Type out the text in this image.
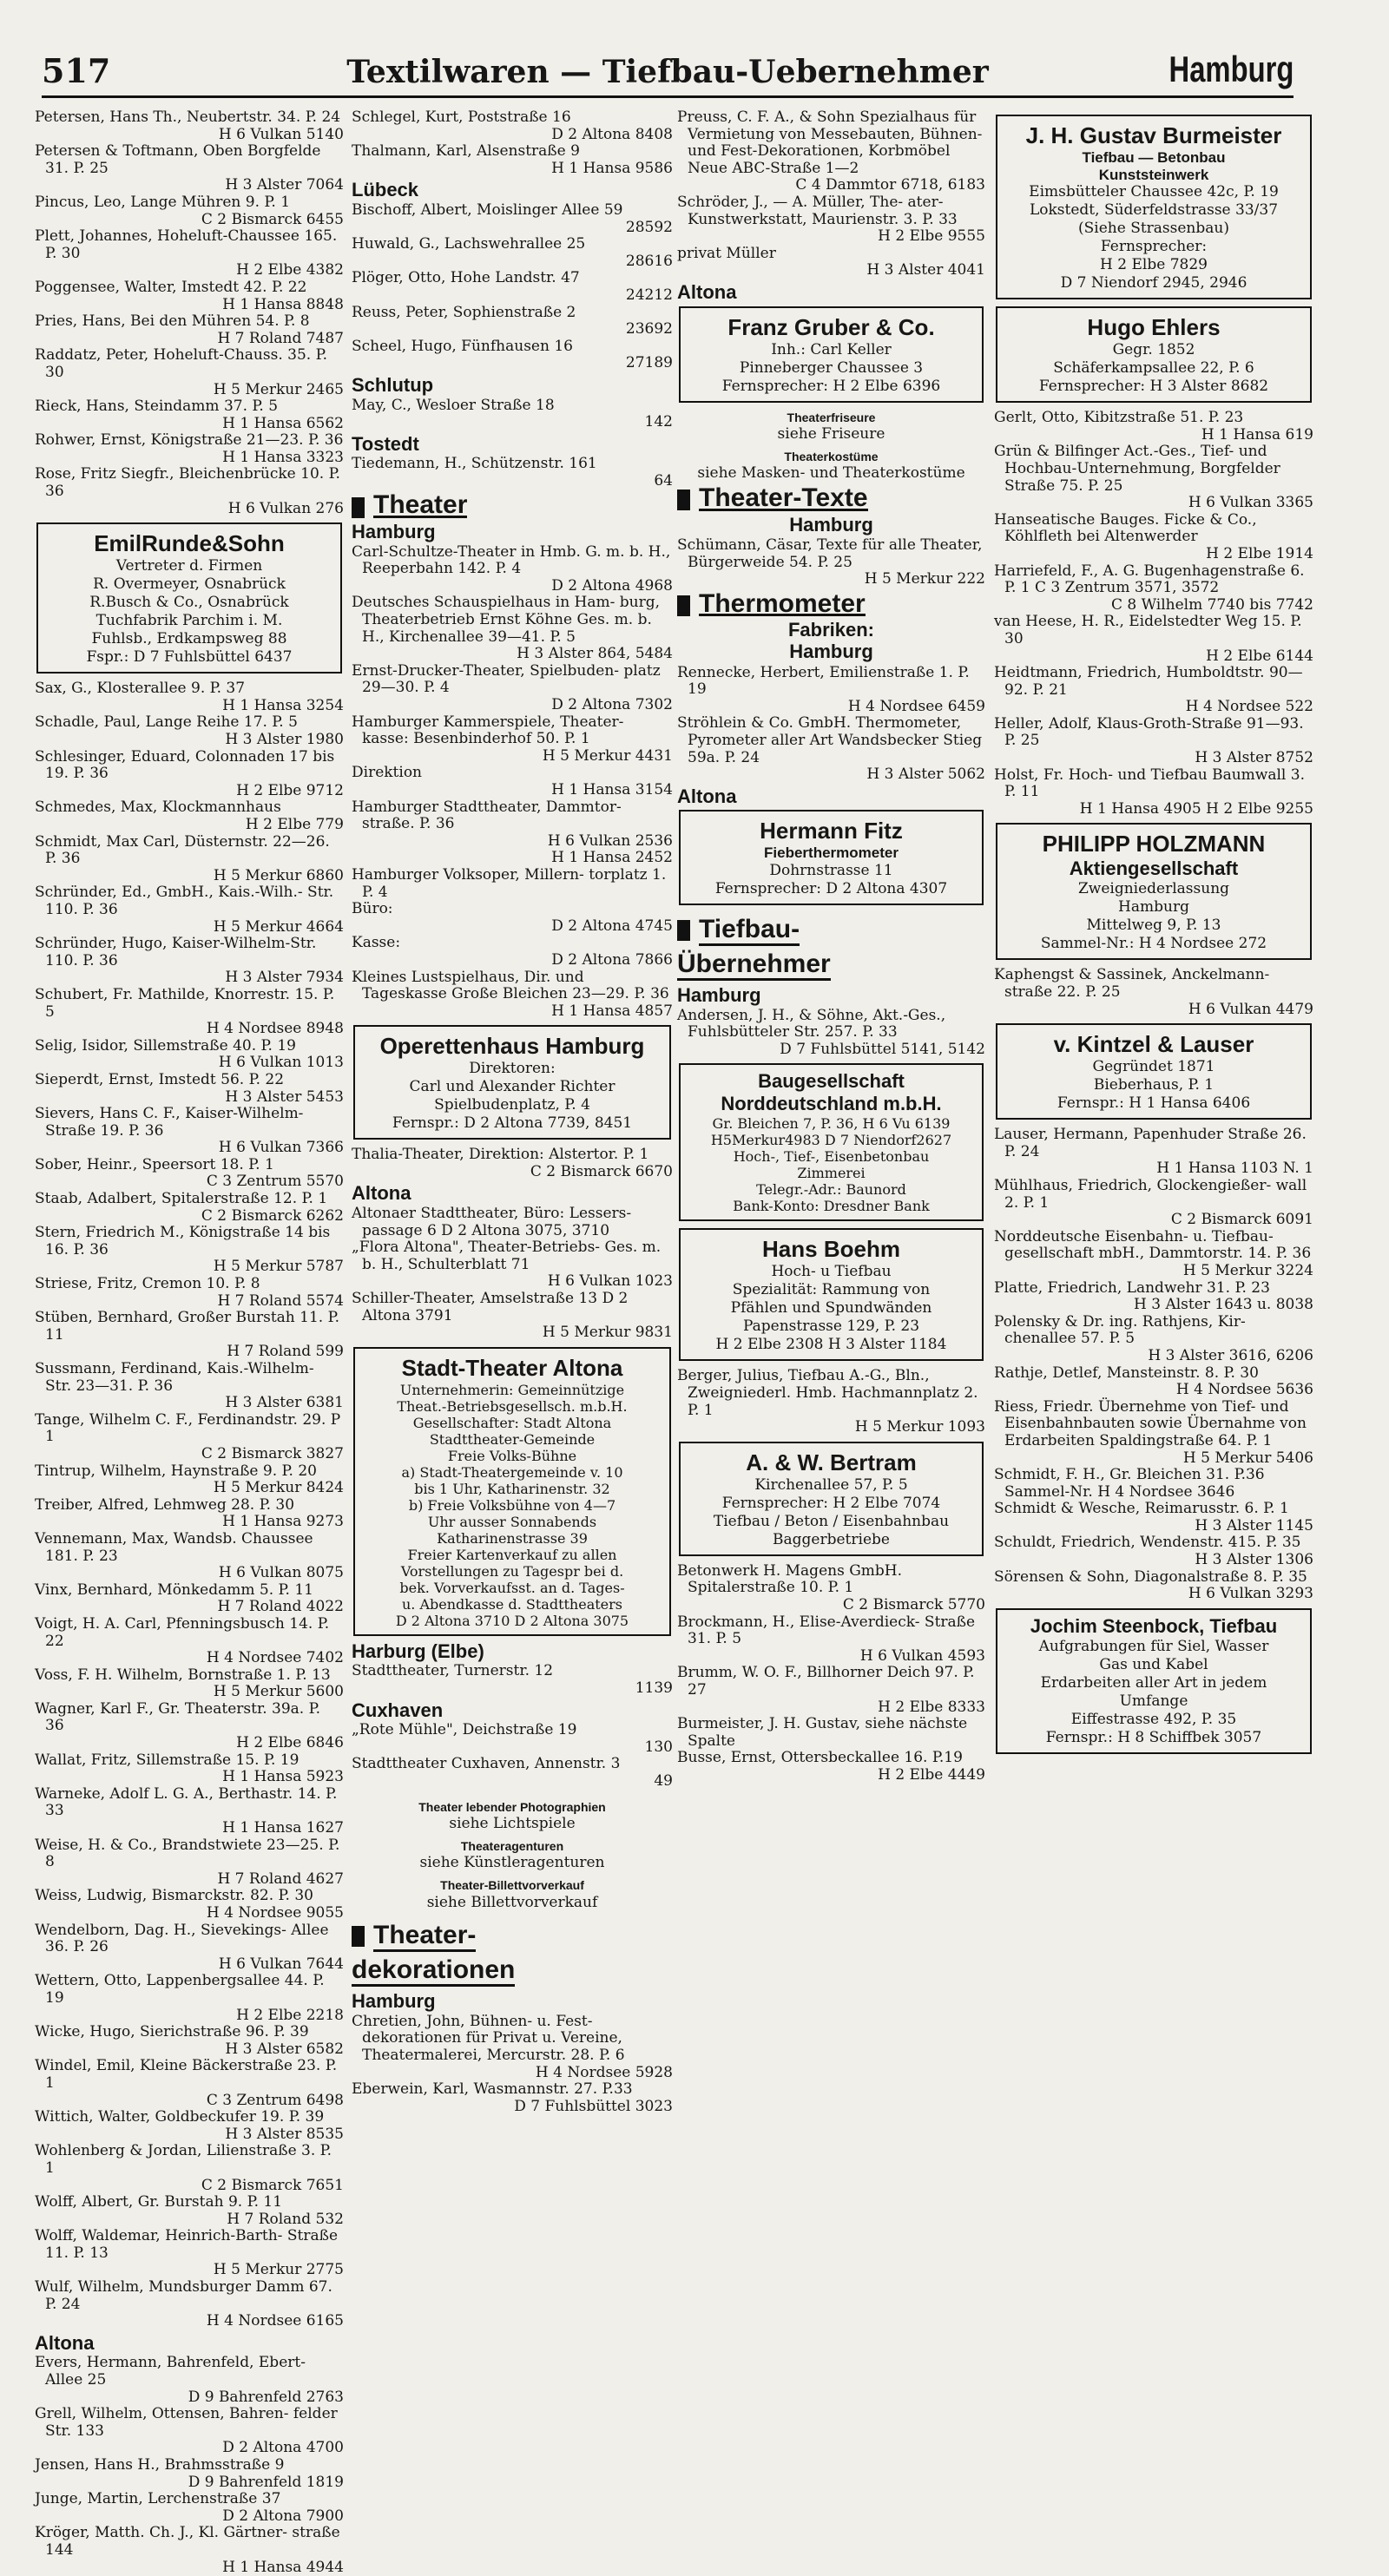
517	Textilwaren — Tiefbau-Uebernehmer	Hamburg
Petersen, Hans Th., Neubertstr. 34. P. 24
H 6 Vulkan 5140
Petersen & Toftmann, Oben Borgfelde 31. P. 25
H 3 Alster 7064
Pincus, Leo, Lange Mühren 9. P. 1
C 2 Bismarck 6455
Plett, Johannes, Hoheluft-Chaussee 165. P. 30
H 2 Elbe 4382
Poggensee, Walter, Imstedt 42. P. 22
H 1 Hansa 8848
Pries, Hans, Bei den Mühren 54. P. 8
H 7 Roland 7487
Raddatz, Peter, Hoheluft-Chauss. 35. P. 30
H 5 Merkur 2465
Rieck, Hans, Steindamm 37. P. 5
H 1 Hansa 6562
Rohwer, Ernst, Königstraße 21—23. P. 36
H 1 Hansa 3323
Rose, Fritz Siegfr., Bleichenbrücke 10. P. 36
H 6 Vulkan 276
EmilRunde&Sohn
Vertreter d. Firmen
R. Overmeyer, Osnabrück
R.Busch & Co., Osnabrück
Tuchfabrik Parchim i. M.
Fuhlsb., Erdkampsweg 88
Fspr.: D 7 Fuhlsbüttel 6437
Sax, G., Klosterallee 9. P. 37
H 1 Hansa 3254
Schadle, Paul, Lange Reihe 17. P. 5
H 3 Alster 1980
Schlesinger, Eduard, Colonnaden 17 bis 19. P. 36
H 2 Elbe 9712
Schmedes, Max, Klockmannhaus
H 2 Elbe 779
Schmidt, Max Carl, Düsternstr. 22—26. P. 36
H 5 Merkur 6860
Schründer, Ed., GmbH., Kais.-Wilh.- Str. 110. P. 36
H 5 Merkur 4664
Schründer, Hugo, Kaiser-Wilhelm-Str. 110. P. 36
H 3 Alster 7934
Schubert, Fr. Mathilde, Knorrestr. 15. P. 5
H 4 Nordsee 8948
Selig, Isidor, Sillemstraße 40. P. 19
H 6 Vulkan 1013
Sieperdt, Ernst, Imstedt 56. P. 22
H 3 Alster 5453
Sievers, Hans C. F., Kaiser-Wilhelm- Straße 19. P. 36
H 6 Vulkan 7366
Sober, Heinr., Speersort 18. P. 1
C 3 Zentrum 5570
Staab, Adalbert, Spitalerstraße 12. P. 1
C 2 Bismarck 6262
Stern, Friedrich M., Königstraße 14 bis 16. P. 36
H 5 Merkur 5787
Striese, Fritz, Cremon 10. P. 8
H 7 Roland 5574
Stüben, Bernhard, Großer Burstah 11. P. 11
H 7 Roland 599
Sussmann, Ferdinand, Kais.-Wilhelm- Str. 23—31. P. 36
H 3 Alster 6381
Tange, Wilhelm C. F., Ferdinandstr. 29. P 1
C 2 Bismarck 3827
Tintrup, Wilhelm, Haynstraße 9. P. 20
H 5 Merkur 8424
Treiber, Alfred, Lehmweg 28. P. 30
H 1 Hansa 9273
Vennemann, Max, Wandsb. Chaussee 181. P. 23
H 6 Vulkan 8075
Vinx, Bernhard, Mönkedamm 5. P. 11
H 7 Roland 4022
Voigt, H. A. Carl, Pfenningsbusch 14. P. 22
H 4 Nordsee 7402
Voss, F. H. Wilhelm, Bornstraße 1. P. 13
H 5 Merkur 5600
Wagner, Karl F., Gr. Theaterstr. 39a. P. 36
H 2 Elbe 6846
Wallat, Fritz, Sillemstraße 15. P. 19
H 1 Hansa 5923
Warneke, Adolf L. G. A., Berthastr. 14. P. 33
H 1 Hansa 1627
Weise, H. & Co., Brandstwiete 23—25. P. 8
H 7 Roland 4627
Weiss, Ludwig, Bismarckstr. 82. P. 30
H 4 Nordsee 9055
Wendelborn, Dag. H., Sievekings- Allee 36. P. 26
H 6 Vulkan 7644
Wettern, Otto, Lappenbergsallee 44. P. 19
H 2 Elbe 2218
Wicke, Hugo, Sierichstraße 96. P. 39
H 3 Alster 6582
Windel, Emil, Kleine Bäckerstraße 23. P. 1
C 3 Zentrum 6498
Wittich, Walter, Goldbeckufer 19. P. 39
H 3 Alster 8535
Wohlenberg & Jordan, Lilienstraße 3. P. 1
C 2 Bismarck 7651
Wolff, Albert, Gr. Burstah 9. P. 11
H 7 Roland 532
Wolff, Waldemar, Heinrich-Barth- Straße 11. P. 13
H 5 Merkur 2775
Wulf, Wilhelm, Mundsburger Damm 67. P. 24
H 4 Nordsee 6165
Altona
Evers, Hermann, Bahrenfeld, Ebert- Allee 25
D 9 Bahrenfeld 2763
Grell, Wilhelm, Ottensen, Bahren- felder Str. 133
D 2 Altona 4700
Jensen, Hans H., Brahmsstraße 9
D 9 Bahrenfeld 1819
Junge, Martin, Lerchenstraße 37
D 2 Altona 7900
Kröger, Matth. Ch. J., Kl. Gärtner- straße 144
H 1 Hansa 4944
Schlegel, Kurt, Poststraße 16
D 2 Altona 8408
Thalmann, Karl, Alsenstraße 9
H 1 Hansa 9586
Lübeck
Bischoff, Albert, Moislinger Allee 59
28592
Huwald, G., Lachswehrallee 25
28616
Plöger, Otto, Hohe Landstr. 47
24212
Reuss, Peter, Sophienstraße 2
23692
Scheel, Hugo, Fünfhausen 16
27189
Schlutup
May, C., Wesloer Straße 18
142
Tostedt
Tiedemann, H., Schützenstr. 161
64
Theater
Hamburg
Carl-Schultze-Theater in Hmb. G. m. b. H., Reeperbahn 142. P. 4
D 2 Altona 4968
Deutsches Schauspielhaus in Ham- burg, Theaterbetrieb Ernst Köhne Ges. m. b. H., Kirchenallee 39—41. P. 5
H 3 Alster 864, 5484
Ernst-Drucker-Theater, Spielbuden- platz 29—30. P. 4
D 2 Altona 7302
Hamburger Kammerspiele, Theater- kasse: Besenbinderhof 50. P. 1
H 5 Merkur 4431
Direktion
H 1 Hansa 3154
Hamburger Stadttheater, Dammtor- straße. P. 36
H 6 Vulkan 2536
H 1 Hansa 2452
Hamburger Volksoper, Millern- torplatz 1. P. 4
Büro:
D 2 Altona 4745
Kasse:
D 2 Altona 7866
Kleines Lustspielhaus, Dir. und Tageskasse Große Bleichen 23—29. P. 36
H 1 Hansa 4857
Operettenhaus Hamburg
Direktoren:
Carl und Alexander Richter
Spielbudenplatz, P. 4
Fernspr.: D 2 Altona 7739, 8451
Thalia-Theater, Direktion: Alstertor. P. 1
C 2 Bismarck 6670
Altona
Altonaer Stadttheater, Büro: Lessers- passage 6 D 2 Altona 3075, 3710
„Flora Altona", Theater-Betriebs- Ges. m. b. H., Schulterblatt 71
H 6 Vulkan 1023
Schiller-Theater, Amselstraße 13 D 2 Altona 3791
H 5 Merkur 9831
Stadt-Theater Altona
Unternehmerin: Gemeinnützige
Theat.-Betriebsgesellsch. m.b.H.
Gesellschafter: Stadt Altona
Stadttheater-Gemeinde
Freie Volks-Bühne
a) Stadt-Theatergemeinde v. 10
bis 1 Uhr, Katharinenstr. 32
b) Freie Volksbühne von 4—7
Uhr ausser Sonnabends
Katharinenstrasse 39
Freier Kartenverkauf zu allen
Vorstellungen zu Tagespr bei d.
bek. Vorverkaufsst. an d. Tages-
u. Abendkasse d. Stadttheaters
D 2 Altona 3710 D 2 Altona 3075
Harburg (Elbe)
Stadttheater, Turnerstr. 12
1139
Cuxhaven
„Rote Mühle", Deichstraße 19
130
Stadttheater Cuxhaven, Annenstr. 3
49
Theater lebender Photographien
siehe Lichtspiele
Theateragenturen
siehe Künstleragenturen
Theater-Billettvorverkauf
siehe Billettvorverkauf
Theater-
dekorationen
Hamburg
Chretien, John, Bühnen- u. Fest- dekorationen für Privat u. Vereine, Theatermalerei, Mercurstr. 28. P. 6
H 4 Nordsee 5928
Eberwein, Karl, Wasmannstr. 27. P.33
D 7 Fuhlsbüttel 3023
Preuss, C. F. A., & Sohn Spezialhaus für Vermietung von Messebauten, Bühnen- und Fest-Dekorationen, Korbmöbel Neue ABC-Straße 1—2
C 4 Dammtor 6718, 6183
Schröder, J., — A. Müller, The- ater-Kunstwerkstatt, Maurienstr. 3. P. 33
H 2 Elbe 9555
privat Müller
H 3 Alster 4041
Altona
Franz Gruber & Co.
Inh.: Carl Keller
Pinneberger Chaussee 3
Fernsprecher: H 2 Elbe 6396
Theaterfriseure
siehe Friseure
Theaterkostüme
siehe Masken- und Theaterkostüme
Theater-Texte
Hamburg
Schümann, Cäsar, Texte für alle Theater, Bürgerweide 54. P. 25
H 5 Merkur 222
Thermometer
Fabriken:
Hamburg
Rennecke, Herbert, Emilienstraße 1. P. 19
H 4 Nordsee 6459
Ströhlein & Co. GmbH. Thermometer, Pyrometer aller Art Wandsbecker Stieg 59a. P. 24
H 3 Alster 5062
Altona
Hermann Fitz
Fieberthermometer
Dohrnstrasse 11
Fernsprecher: D 2 Altona 4307
Tiefbau-
Übernehmer
Hamburg
Andersen, J. H., & Söhne, Akt.-Ges., Fuhlsbütteler Str. 257. P. 33
D 7 Fuhlsbüttel 5141, 5142
Baugesellschaft Norddeutschland m.b.H.
Gr. Bleichen 7, P. 36, H 6 Vu 6139
H5Merkur4983 D 7 Niendorf2627
Hoch-, Tief-, Eisenbetonbau
Zimmerei
Telegr.-Adr.: Baunord
Bank-Konto: Dresdner Bank
Hans Boehm
Hoch- u Tiefbau
Spezialität: Rammung von
Pfählen und Spundwänden
Papenstrasse 129, P. 23
H 2 Elbe 2308 H 3 Alster 1184
Berger, Julius, Tiefbau A.-G., Bln., Zweigniederl. Hmb. Hachmannplatz 2. P. 1
H 5 Merkur 1093
A. & W. Bertram
Kirchenallee 57, P. 5
Fernsprecher: H 2 Elbe 7074
Tiefbau / Beton / Eisenbahnbau
Baggerbetriebe
Betonwerk H. Magens GmbH. Spitalerstraße 10. P. 1
C 2 Bismarck 5770
Brockmann, H., Elise-Averdieck- Straße 31. P. 5
H 6 Vulkan 4593
Brumm, W. O. F., Billhorner Deich 97. P. 27
H 2 Elbe 8333
Burmeister, J. H. Gustav, siehe nächste Spalte
Busse, Ernst, Ottersbeckallee 16. P.19
H 2 Elbe 4449
J. H. Gustav Burmeister
Tiefbau — Betonbau
Kunststeinwerk
Eimsbütteler Chaussee 42c, P. 19
Lokstedt, Süderfeldstrasse 33/37
(Siehe Strassenbau)
Fernsprecher:
H 2 Elbe 7829
D 7 Niendorf 2945, 2946
Hugo Ehlers
Gegr. 1852
Schäferkampsallee 22, P. 6
Fernsprecher: H 3 Alster 8682
Gerlt, Otto, Kibitzstraße 51. P. 23
H 1 Hansa 619
Grün & Bilfinger Act.-Ges., Tief- und Hochbau-Unternehmung, Borgfelder Straße 75. P. 25
H 6 Vulkan 3365
Hanseatische Bauges. Ficke & Co., Köhlfleth bei Altenwerder
H 2 Elbe 1914
Harriefeld, F., A. G. Bugenhagenstraße 6. P. 1 C 3 Zentrum 3571, 3572
C 8 Wilhelm 7740 bis 7742
van Heese, H. R., Eidelstedter Weg 15. P. 30
H 2 Elbe 6144
Heidtmann, Friedrich, Humboldtstr. 90—92. P. 21
H 4 Nordsee 522
Heller, Adolf, Klaus-Groth-Straße 91—93. P. 25
H 3 Alster 8752
Holst, Fr. Hoch- und Tiefbau Baumwall 3. P. 11
H 1 Hansa 4905 H 2 Elbe 9255
PHILIPP HOLZMANN
Aktiengesellschaft
Zweigniederlassung
Hamburg
Mittelweg 9, P. 13
Sammel-Nr.: H 4 Nordsee 272
Kaphengst & Sassinek, Anckelmann- straße 22. P. 25
H 6 Vulkan 4479
v. Kintzel & Lauser
Gegründet 1871
Bieberhaus, P. 1
Fernspr.: H 1 Hansa 6406
Lauser, Hermann, Papenhuder Straße 26. P. 24
H 1 Hansa 1103 N. 1
Mühlhaus, Friedrich, Glockengießer- wall 2. P. 1
C 2 Bismarck 6091
Norddeutsche Eisenbahn- u. Tiefbau- gesellschaft mbH., Dammtorstr. 14. P. 36
H 5 Merkur 3224
Platte, Friedrich, Landwehr 31. P. 23
H 3 Alster 1643 u. 8038
Polensky & Dr. ing. Rathjens, Kir- chenallee 57. P. 5
H 3 Alster 3616, 6206
Rathje, Detlef, Mansteinstr. 8. P. 30
H 4 Nordsee 5636
Riess, Friedr. Übernehme von Tief- und Eisenbahnbauten sowie Übernahme von Erdarbeiten Spaldingstraße 64. P. 1
H 5 Merkur 5406
Schmidt, F. H., Gr. Bleichen 31. P.36 Sammel-Nr. H 4 Nordsee 3646
Schmidt & Wesche, Reimarusstr. 6. P. 1
H 3 Alster 1145
Schuldt, Friedrich, Wendenstr. 415. P. 35
H 3 Alster 1306
Sörensen & Sohn, Diagonalstraße 8. P. 35
H 6 Vulkan 3293
Jochim Steenbock, Tiefbau
Aufgrabungen für Siel, Wasser
Gas und Kabel
Erdarbeiten aller Art in jedem
Umfange
Eiffestrasse 492, P. 35
Fernspr.: H 8 Schiffbek 3057
